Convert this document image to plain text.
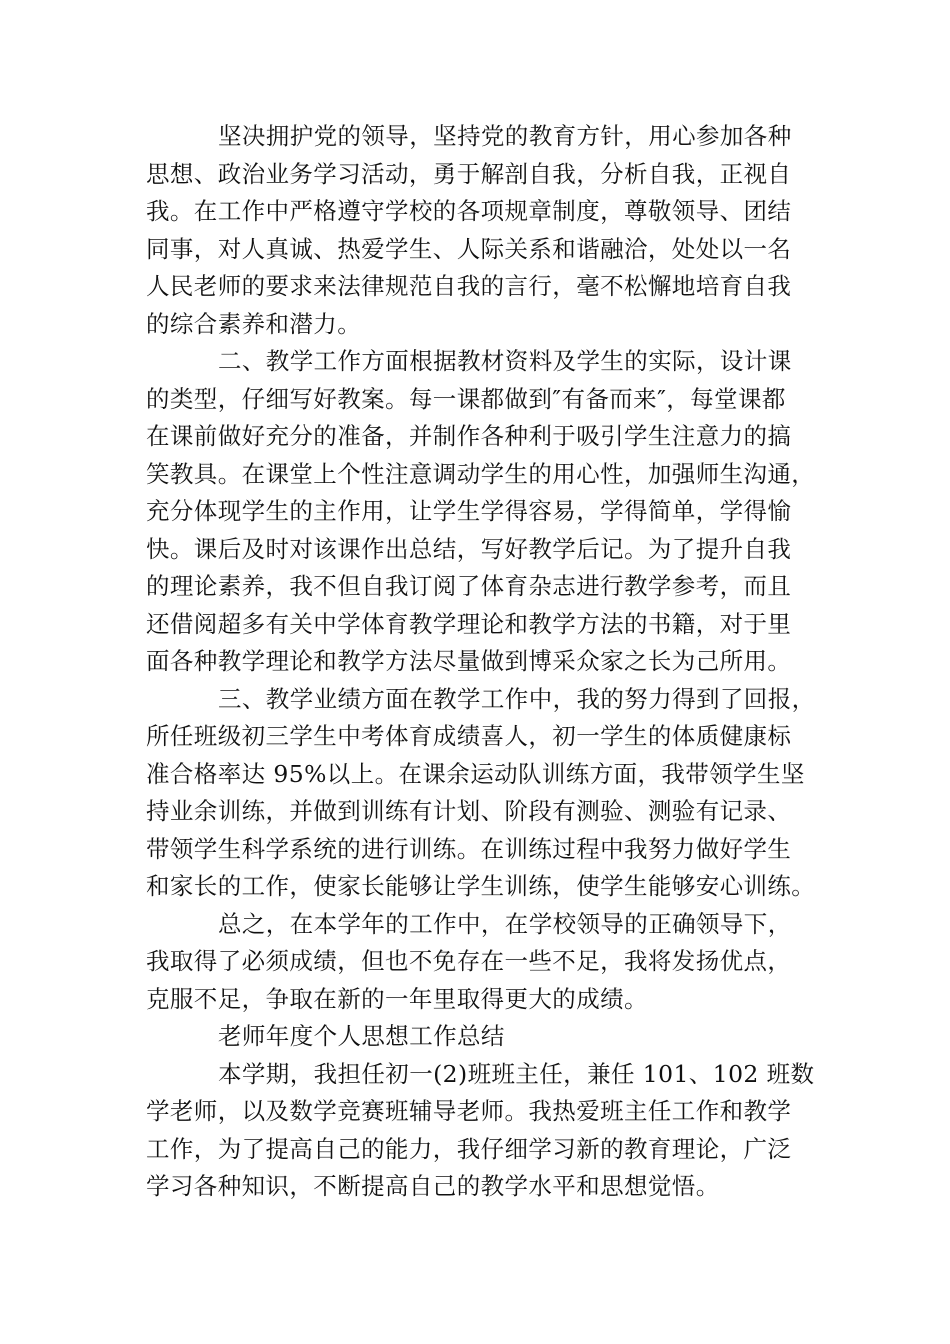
坚决拥护党的领导，坚持党的教育方针，用心参加各种
思想、政治业务学习活动，勇于解剖自我，分析自我，正视自
我。在工作中严格遵守学校的各项规章制度，尊敬领导、团结
同事，对人真诚、热爱学生、人际关系和谐融洽，处处以一名
人民老师的要求来法律规范自我的言行，毫不松懈地培育自我
的综合素养和潜力。
二、教学工作方面根据教材资料及学生的实际，设计课
的类型，仔细写好教案。每一课都做到″有备而来″，每堂课都
在课前做好充分的准备，并制作各种利于吸引学生注意力的搞
笑教具。在课堂上个性注意调动学生的用心性，加强师生沟通，
充分体现学生的主作用，让学生学得容易，学得简单，学得愉
快。课后及时对该课作出总结，写好教学后记。为了提升自我
的理论素养，我不但自我订阅了体育杂志进行教学参考，而且
还借阅超多有关中学体育教学理论和教学方法的书籍，对于里
面各种教学理论和教学方法尽量做到博采众家之长为己所用。
三、教学业绩方面在教学工作中，我的努力得到了回报，
所任班级初三学生中考体育成绩喜人，初一学生的体质健康标
准合格率达 95%以上。在课余运动队训练方面，我带领学生坚
持业余训练，并做到训练有计划、阶段有测验、测验有记录、
带领学生科学系统的进行训练。在训练过程中我努力做好学生
和家长的工作，使家长能够让学生训练，使学生能够安心训练。
总之，在本学年的工作中，在学校领导的正确领导下，
我取得了必须成绩，但也不免存在一些不足，我将发扬优点，
克服不足，争取在新的一年里取得更大的成绩。
老师年度个人思想工作总结
本学期，我担任初一(2)班班主任，兼任 101、102 班数
学老师，以及数学竞赛班辅导老师。我热爱班主任工作和教学
工作，为了提高自己的能力，我仔细学习新的教育理论，广泛
学习各种知识，不断提高自己的教学水平和思想觉悟。
